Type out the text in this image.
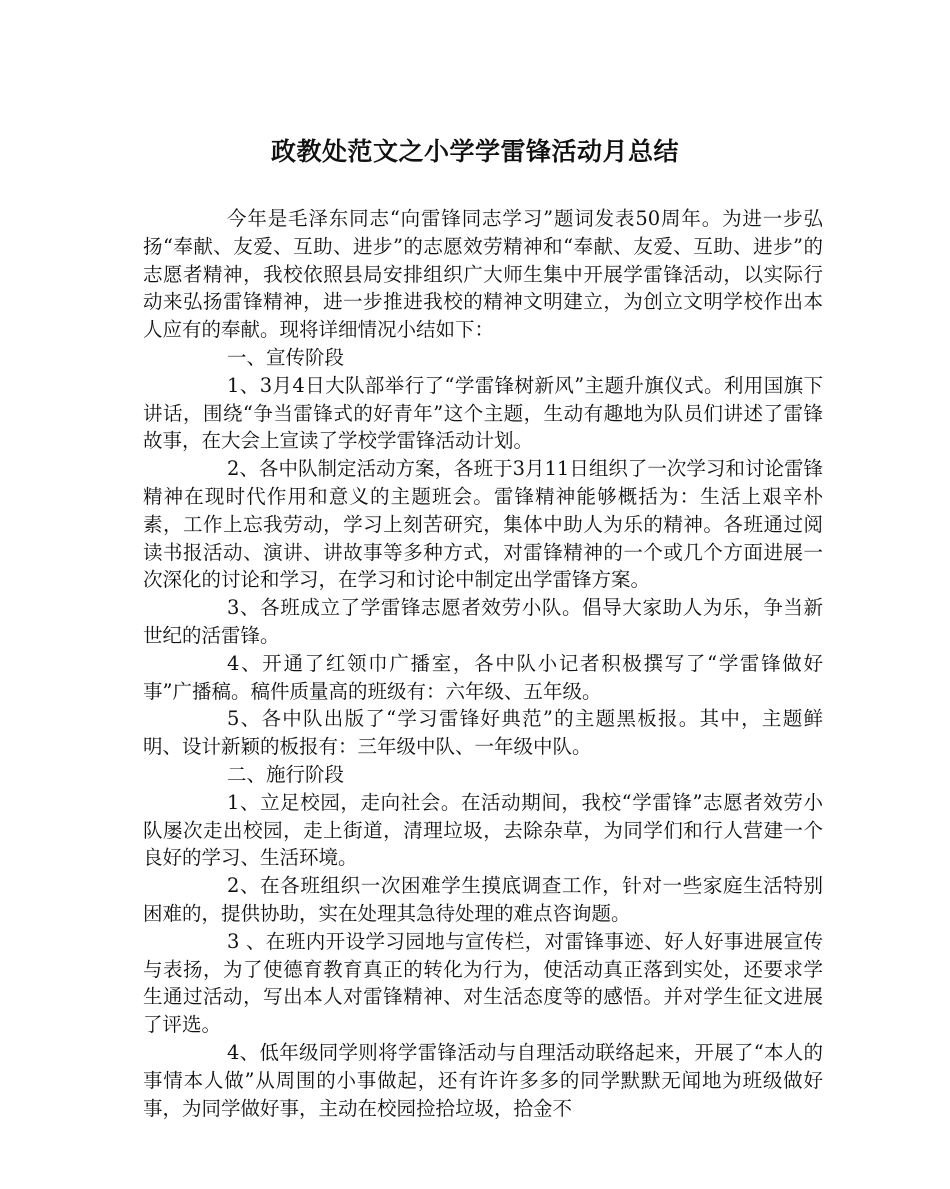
政教处范文之小学学雷锋活动月总结

今年是毛泽东同志“向雷锋同志学习”题词发表50周年。为进一步弘扬“奉献、友爱、互助、进步”的志愿效劳精神和“奉献、友爱、互助、进步”的志愿者精神，我校依照县局安排组织广大师生集中开展学雷锋活动，以实际行动来弘扬雷锋精神，进一步推进我校的精神文明建立，为创立文明学校作出本人应有的奉献。现将详细情况小结如下：

一、宣传阶段

1、3月4日大队部举行了“学雷锋树新风”主题升旗仪式。利用国旗下讲话，围绕“争当雷锋式的好青年”这个主题，生动有趣地为队员们讲述了雷锋故事，在大会上宣读了学校学雷锋活动计划。

2、各中队制定活动方案，各班于3月11日组织了一次学习和讨论雷锋精神在现时代作用和意义的主题班会。雷锋精神能够概括为：生活上艰辛朴素，工作上忘我劳动，学习上刻苦研究，集体中助人为乐的精神。各班通过阅读书报活动、演讲、讲故事等多种方式，对雷锋精神的一个或几个方面进展一次深化的讨论和学习，在学习和讨论中制定出学雷锋方案。

3、各班成立了学雷锋志愿者效劳小队。倡导大家助人为乐，争当新世纪的活雷锋。

4、开通了红领巾广播室，各中队小记者积极撰写了“学雷锋做好事”广播稿。稿件质量高的班级有：六年级、五年级。

5、各中队出版了“学习雷锋好典范”的主题黑板报。其中，主题鲜明、设计新颖的板报有：三年级中队、一年级中队。

二、施行阶段

1、立足校园，走向社会。在活动期间，我校“学雷锋”志愿者效劳小队屡次走出校园，走上街道，清理垃圾，去除杂草，为同学们和行人营建一个良好的学习、生活环境。

2、在各班组织一次困难学生摸底调查工作，针对一些家庭生活特别困难的，提供协助，实在处理其急待处理的难点咨询题。

3 、在班内开设学习园地与宣传栏，对雷锋事迹、好人好事进展宣传与表扬，为了使德育教育真正的转化为行为，使活动真正落到实处，还要求学生通过活动，写出本人对雷锋精神、对生活态度等的感悟。并对学生征文进展了评选。

4、低年级同学则将学雷锋活动与自理活动联络起来，开展了“本人的事情本人做”从周围的小事做起，还有许许多多的同学默默无闻地为班级做好事，为同学做好事，主动在校园捡拾垃圾，拾金不
